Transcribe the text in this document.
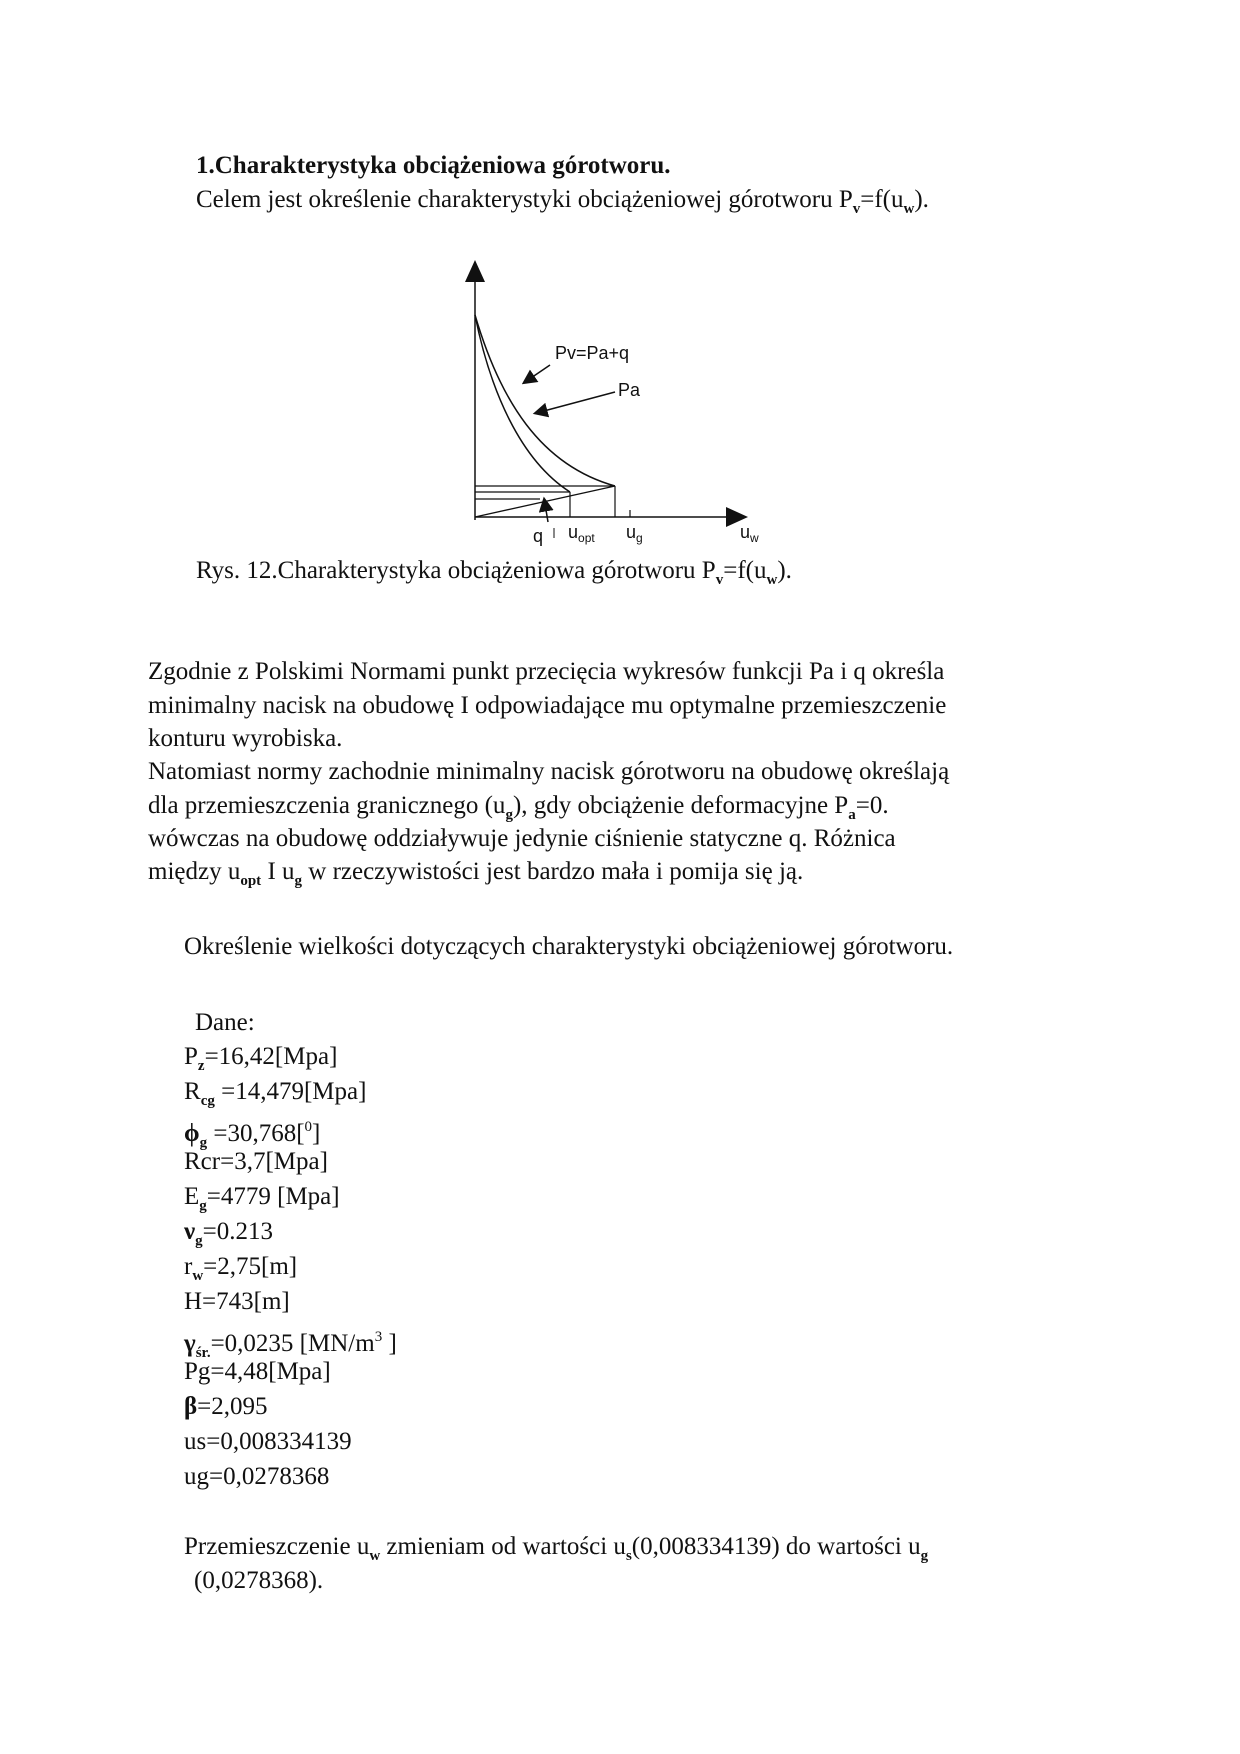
1.Charakterystyka obciążeniowa górotworu.
Celem jest określenie charakterystyki obciążeniowej górotworu $P_v=f(u_w)$.
Pv=Pa+q
Pa
q $u_{opt}$ $u_g$	$u_w$
Rys. 12.Charakterystyka obciążeniowa górotworu $P_v=f(u_w)$.
Zgodnie z Polskimi Normami punkt przecięcia wykresów funkcji Pa i q określa
minimalny nacisk na obudowę I odpowiadające mu optymalne przemieszczenie
konturu wyrobiska.
Natomiast normy zachodnie minimalny nacisk górotworu na obudowę określają
dla przemieszczenia granicznego $(u_g)$, gdy obciążenie deformacyjne $P_a=0$.
wówczas na obudowę oddziaływuje jedynie ciśnienie statyczne q. Różnica
między $u_{opt}$ I $u_g$ w rzeczywistości jest bardzo mała i pomija się ją.
Określenie wielkości dotyczących charakterystyki obciążeniowej górotworu.
Dane:
$P_z=16,42[Mpa]$
$R_{cg} =14,479[Mpa]$
$\phi_g =30,768[^0]$
Rcr=3,7[Mpa]
$E_g=4779$ [Mpa]
$\nu_g=0.213$
$r_w=2,75[m]$
H=743[m]
$\gamma_{śr.}=0,0235$ [$MN/m^3$ ]
Pg=4,48[Mpa]
β=2,095
us=0,008334139
ug=0,0278368
Przemieszczenie $u_w$ zmieniam od wartości $u_s(0,008334139)$ do wartości $u_g$
(0,0278368).
